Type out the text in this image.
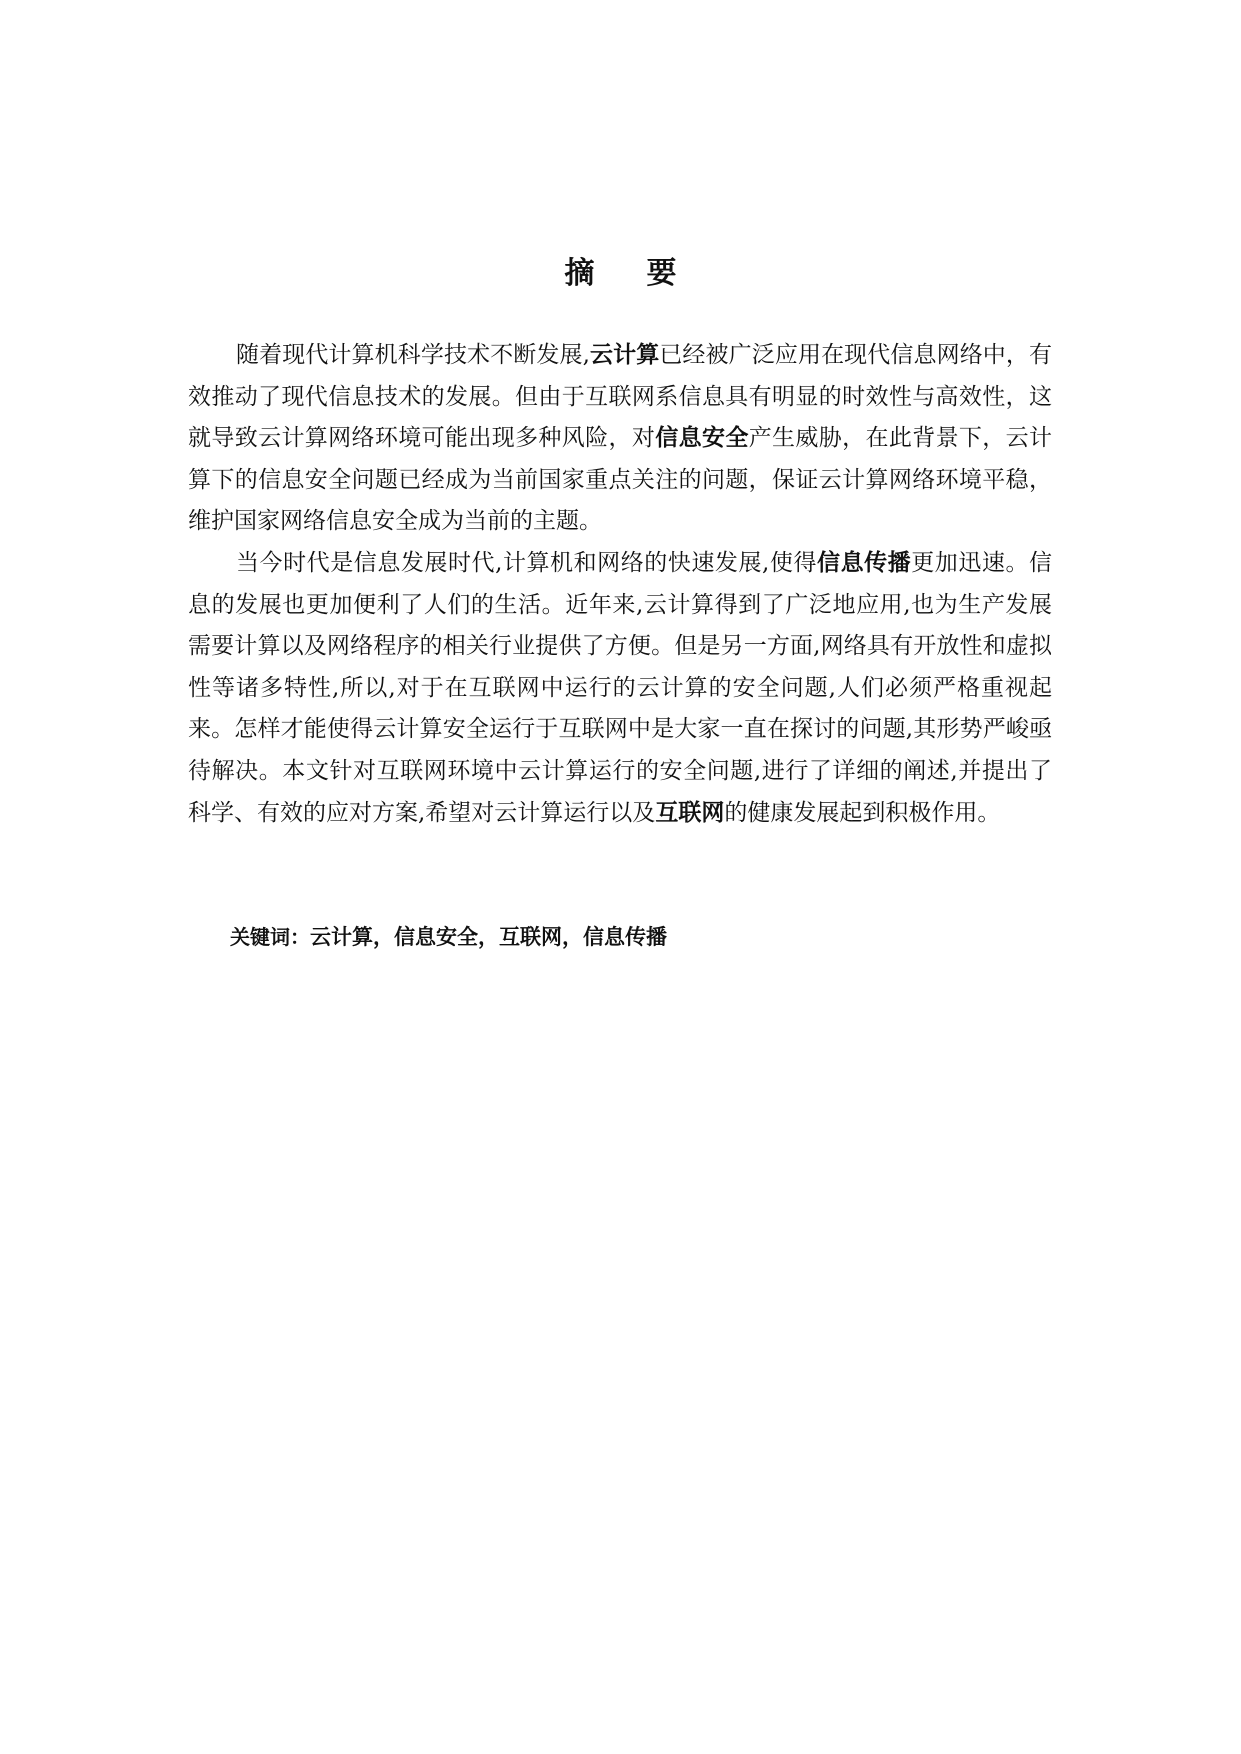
摘 要

随着现代计算机科学技术不断发展,云计算已经被广泛应用在现代信息网络中，有效推动了现代信息技术的发展。但由于互联网系信息具有明显的时效性与高效性，这就导致云计算网络环境可能出现多种风险，对信息安全产生威胁，在此背景下，云计算下的信息安全问题已经成为当前国家重点关注的问题，保证云计算网络环境平稳，维护国家网络信息安全成为当前的主题。

当今时代是信息发展时代,计算机和网络的快速发展,使得信息传播更加迅速。信息的发展也更加便利了人们的生活。近年来,云计算得到了广泛地应用,也为生产发展需要计算以及网络程序的相关行业提供了方便。但是另一方面,网络具有开放性和虚拟性等诸多特性,所以,对于在互联网中运行的云计算的安全问题,人们必须严格重视起来。怎样才能使得云计算安全运行于互联网中是大家一直在探讨的问题,其形势严峻亟待解决。本文针对互联网环境中云计算运行的安全问题,进行了详细的阐述,并提出了科学、有效的应对方案,希望对云计算运行以及互联网的健康发展起到积极作用。

关键词：云计算，信息安全，互联网，信息传播
